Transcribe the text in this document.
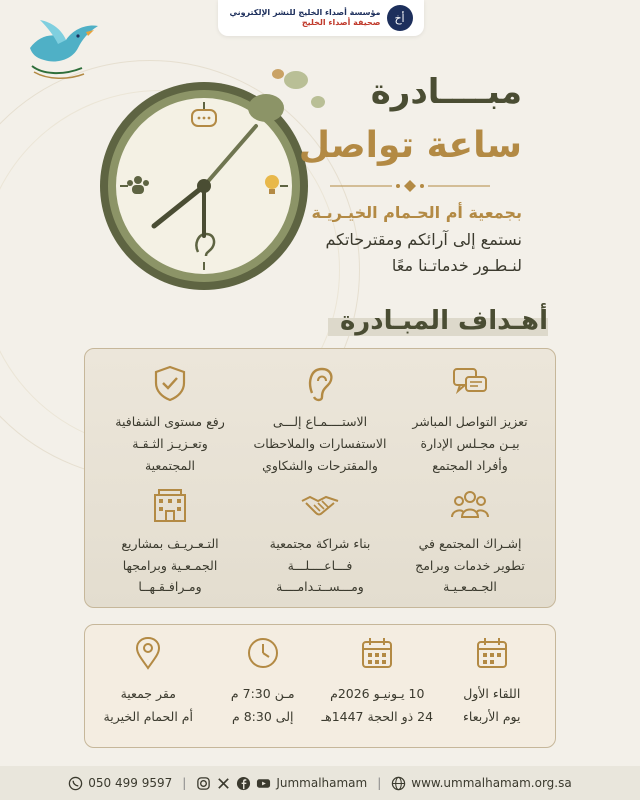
أخ
مؤسسة أصداء الخليج للنشر الإلكتروني
صحيفة أصداء الخليج
مبــــادرة
ساعة تواصل
بجمعية أم الحـمام الخيـريـة
نستمع إلى آرائكم ومقترحاتكم
لنـطـور خدماتـنا معًا
أهـداف المبـادرة
تعزيز التواصل المباشر
بيـن مجـلس الإدارة
وأفراد المجتمع
الاستــــمـاع إلـــى
الاستفسارات والملاحظات
والمقترحات والشكاوي
رفع مستوى الشفافية
وتعـزيـز الثـقـة
المجتمعية
إشـراك المجتمع في
تطوير خدمات وبرامج
الجـمـعـيـة
بناء شراكة مجتمعية
فـــاعــــلـــة
ومـــســتـدامــــة
التـعـريـف بمشاريع
الجمـعـية وبرامجها
ومـرافـقـهــا
اللقاء الأول
يوم الأربعاء
10 يـونيـو 2026م
24 ذو الحجة 1447هـ
مـن 7:30 م
إلى 8:30 م
مقر جمعية
أم الحمام الخيرية
050 499 9597 |	Jummalhamam |	www.ummalhamam.org.sa
